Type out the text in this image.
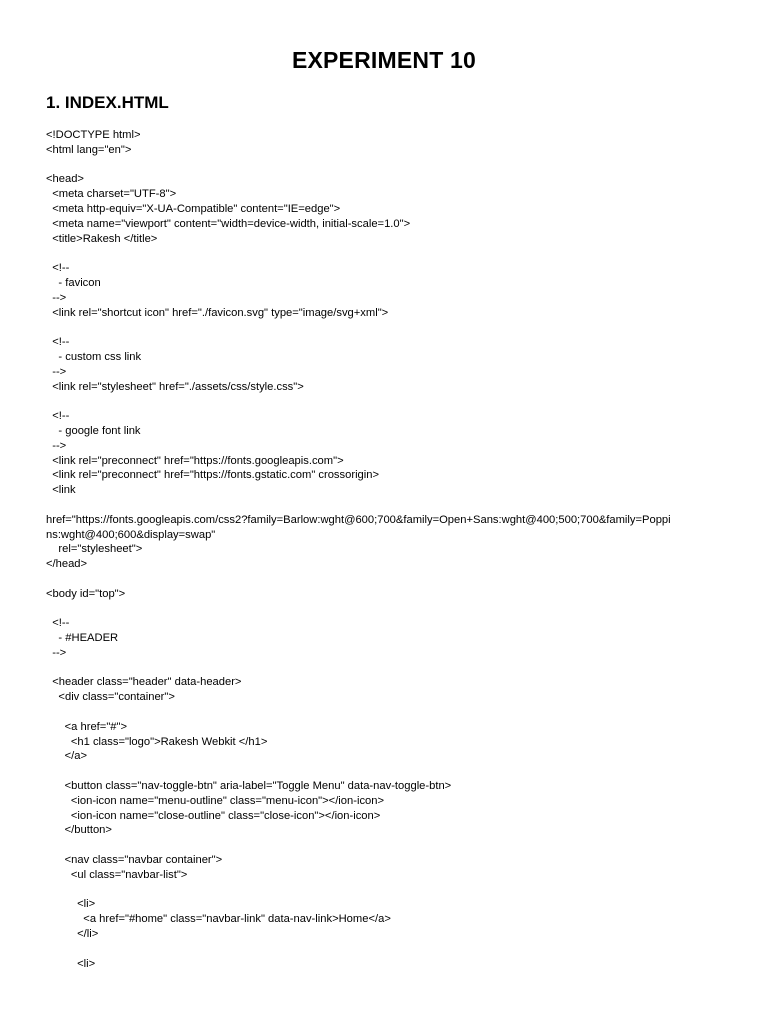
EXPERIMENT 10
1. INDEX.HTML
<!DOCTYPE html>
<html lang="en">
<head>
<meta charset="UTF-8">
<meta http-equiv="X-UA-Compatible" content="IE=edge">
<meta name="viewport" content="width=device-width, initial-scale=1.0">
<title>Rakesh </title>
<!--
- favicon
-->
<link rel="shortcut icon" href="./favicon.svg" type="image/svg+xml">
<!--
- custom css link
-->
<link rel="stylesheet" href="./assets/css/style.css">
<!--
- google font link
-->
<link rel="preconnect" href="https://fonts.googleapis.com">
<link rel="preconnect" href="https://fonts.gstatic.com" crossorigin>
<link
href="https://fonts.googleapis.com/css2?family=Barlow:wght@600;700&family=Open+Sans:wght@400;500;700&family=Poppi
ns:wght@400;600&display=swap"
rel="stylesheet">
</head>
<body id="top">
<!--
- #HEADER
-->
<header class="header" data-header>
<div class="container">
<a href="#">
<h1 class="logo">Rakesh Webkit </h1>
</a>
<button class="nav-toggle-btn" aria-label="Toggle Menu" data-nav-toggle-btn>
<ion-icon name="menu-outline" class="menu-icon"></ion-icon>
<ion-icon name="close-outline" class="close-icon"></ion-icon>
</button>
<nav class="navbar container">
<ul class="navbar-list">
<li>
<a href="#home" class="navbar-link" data-nav-link>Home</a>
</li>
<li>
